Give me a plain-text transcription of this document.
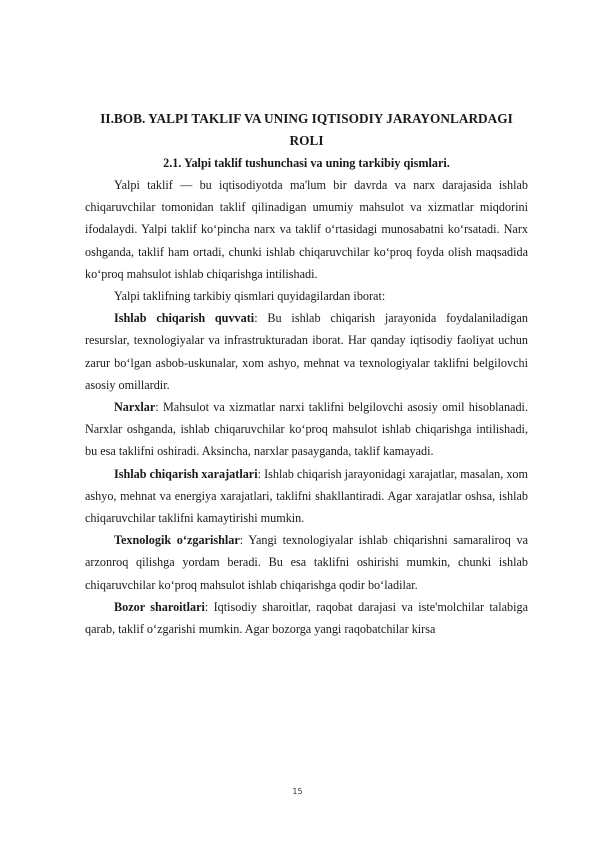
II.BOB. YALPI TAKLIF VA UNING IQTISODIY JARAYONLARDAGI ROLI
2.1. Yalpi taklif tushunchasi va uning tarkibiy qismlari.

Yalpi taklif — bu iqtisodiyotda ma'lum bir davrda va narx darajasida ishlab chiqaruvchilar tomonidan taklif qilinadigan umumiy mahsulot va xizmatlar miqdorini ifodalaydi. Yalpi taklif ko‘pincha narx va taklif o‘rtasidagi munosabatni ko‘rsatadi. Narx oshganda, taklif ham ortadi, chunki ishlab chiqaruvchilar ko‘proq foyda olish maqsadida ko‘proq mahsulot ishlab chiqarishga intilishadi.

Yalpi taklifning tarkibiy qismlari quyidagilardan iborat:

Ishlab chiqarish quvvati: Bu ishlab chiqarish jarayonida foydalaniladigan resurslar, texnologiyalar va infrastrukturadan iborat. Har qanday iqtisodiy faoliyat uchun zarur bo‘lgan asbob-uskunalar, xom ashyo, mehnat va texnologiyalar taklifni belgilovchi asosiy omillardir.

Narxlar: Mahsulot va xizmatlar narxi taklifni belgilovchi asosiy omil hisoblanadi. Narxlar oshganda, ishlab chiqaruvchilar ko‘proq mahsulot ishlab chiqarishga intilishadi, bu esa taklifni oshiradi. Aksincha, narxlar pasayganda, taklif kamayadi.

Ishlab chiqarish xarajatlari: Ishlab chiqarish jarayonidagi xarajatlar, masalan, xom ashyo, mehnat va energiya xarajatlari, taklifni shakllantiradi. Agar xarajatlar oshsa, ishlab chiqaruvchilar taklifni kamaytirishi mumkin.

Texnologik o‘zgarishlar: Yangi texnologiyalar ishlab chiqarishni samaraliroq va arzonroq qilishga yordam beradi. Bu esa taklifni oshirishi mumkin, chunki ishlab chiqaruvchilar ko‘proq mahsulot ishlab chiqarishga qodir bo‘ladilar.

Bozor sharoitlari: Iqtisodiy sharoitlar, raqobat darajasi va iste'molchilar talabiga qarab, taklif o‘zgarishi mumkin. Agar bozorga yangi raqobatchilar kirsa

15
